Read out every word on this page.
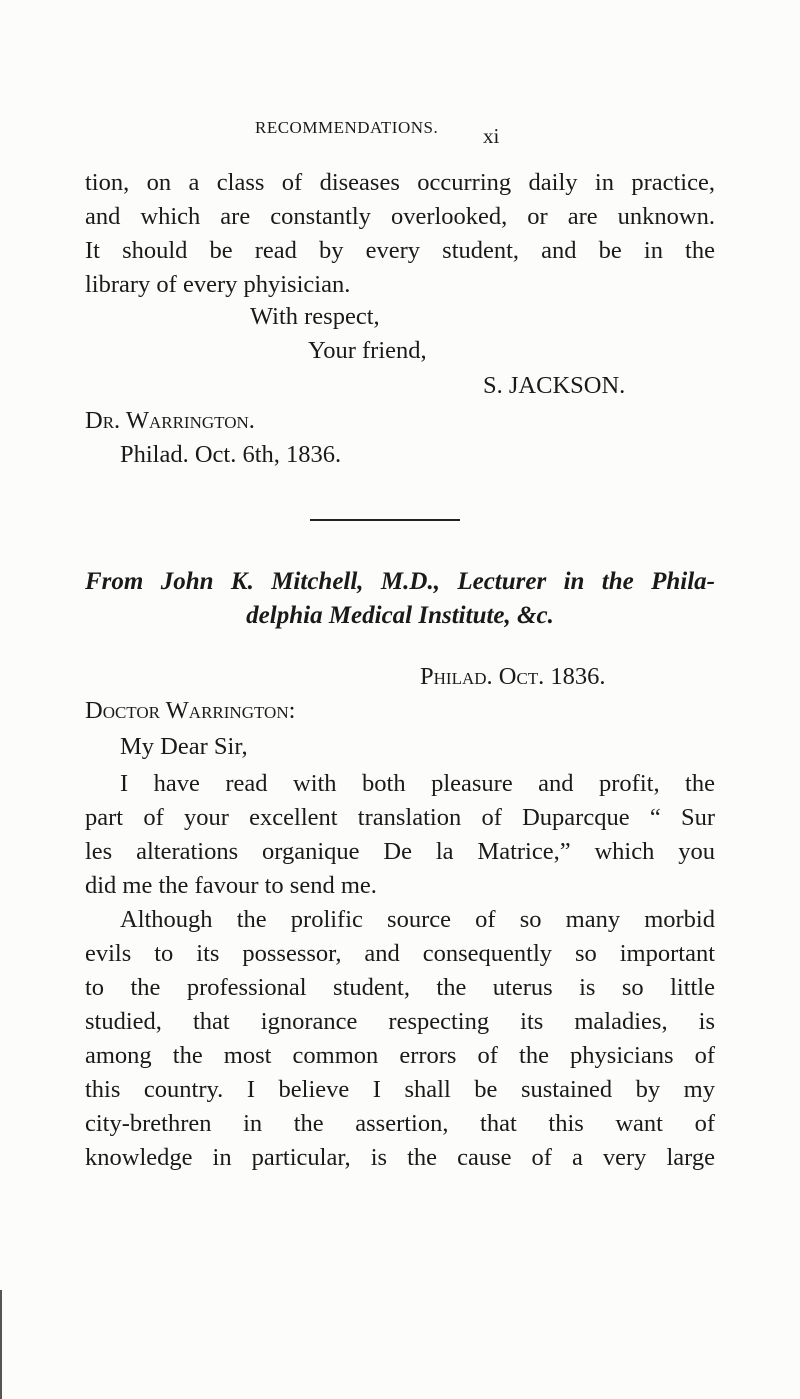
RECOMMENDATIONS. xi
tion, on a class of diseases occurring daily in practice,
and which are constantly overlooked, or are unknown.
It should be read by every student, and be in the
library of every phyisician.
With respect,
Your friend,
S. JACKSON.
Dr. Warrington.
Philad. Oct. 6th, 1836.
From John K. Mitchell, M.D., Lecturer in the Phila-
delphia Medical Institute, &c.
Philad. Oct. 1836.
Doctor Warrington:
My Dear Sir,
I have read with both pleasure and profit, the
part of your excellent translation of Duparcque “ Sur
les alterations organique De la Matrice,” which you
did me the favour to send me.
Although the prolific source of so many morbid
evils to its possessor, and consequently so important
to the professional student, the uterus is so little
studied, that ignorance respecting its maladies, is
among the most common errors of the physicians of
this country. I believe I shall be sustained by my
city-brethren in the assertion, that this want of
knowledge in particular, is the cause of a very large
